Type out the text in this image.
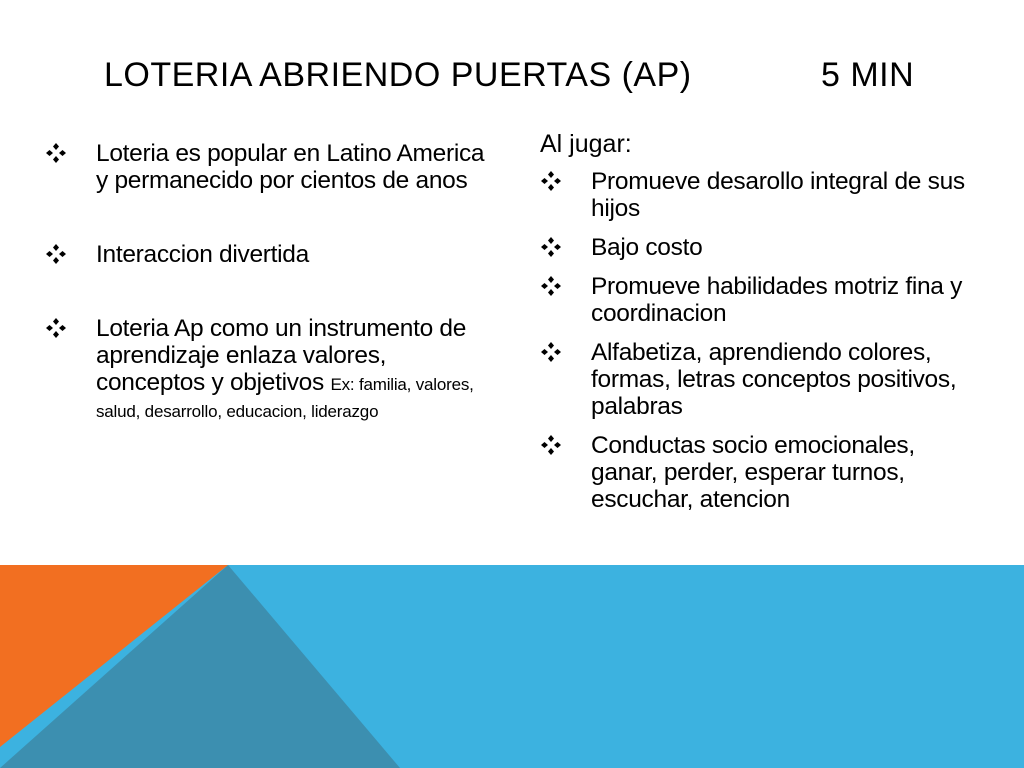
LOTERIA ABRIENDO PUERTAS (AP)	5 MIN
Loteria es popular en Latino America y permanecido por cientos de anos
Interaccion divertida
Loteria Ap como un instrumento de aprendizaje enlaza valores, conceptos y objetivos Ex: familia, valores, salud, desarrollo, educacion, liderazgo
Al jugar:
Promueve desarollo integral de sus hijos
Bajo costo
Promueve habilidades motriz fina y coordinacion
Alfabetiza, aprendiendo colores, formas, letras conceptos positivos, palabras
Conductas socio emocionales, ganar, perder, esperar turnos, escuchar, atencion
